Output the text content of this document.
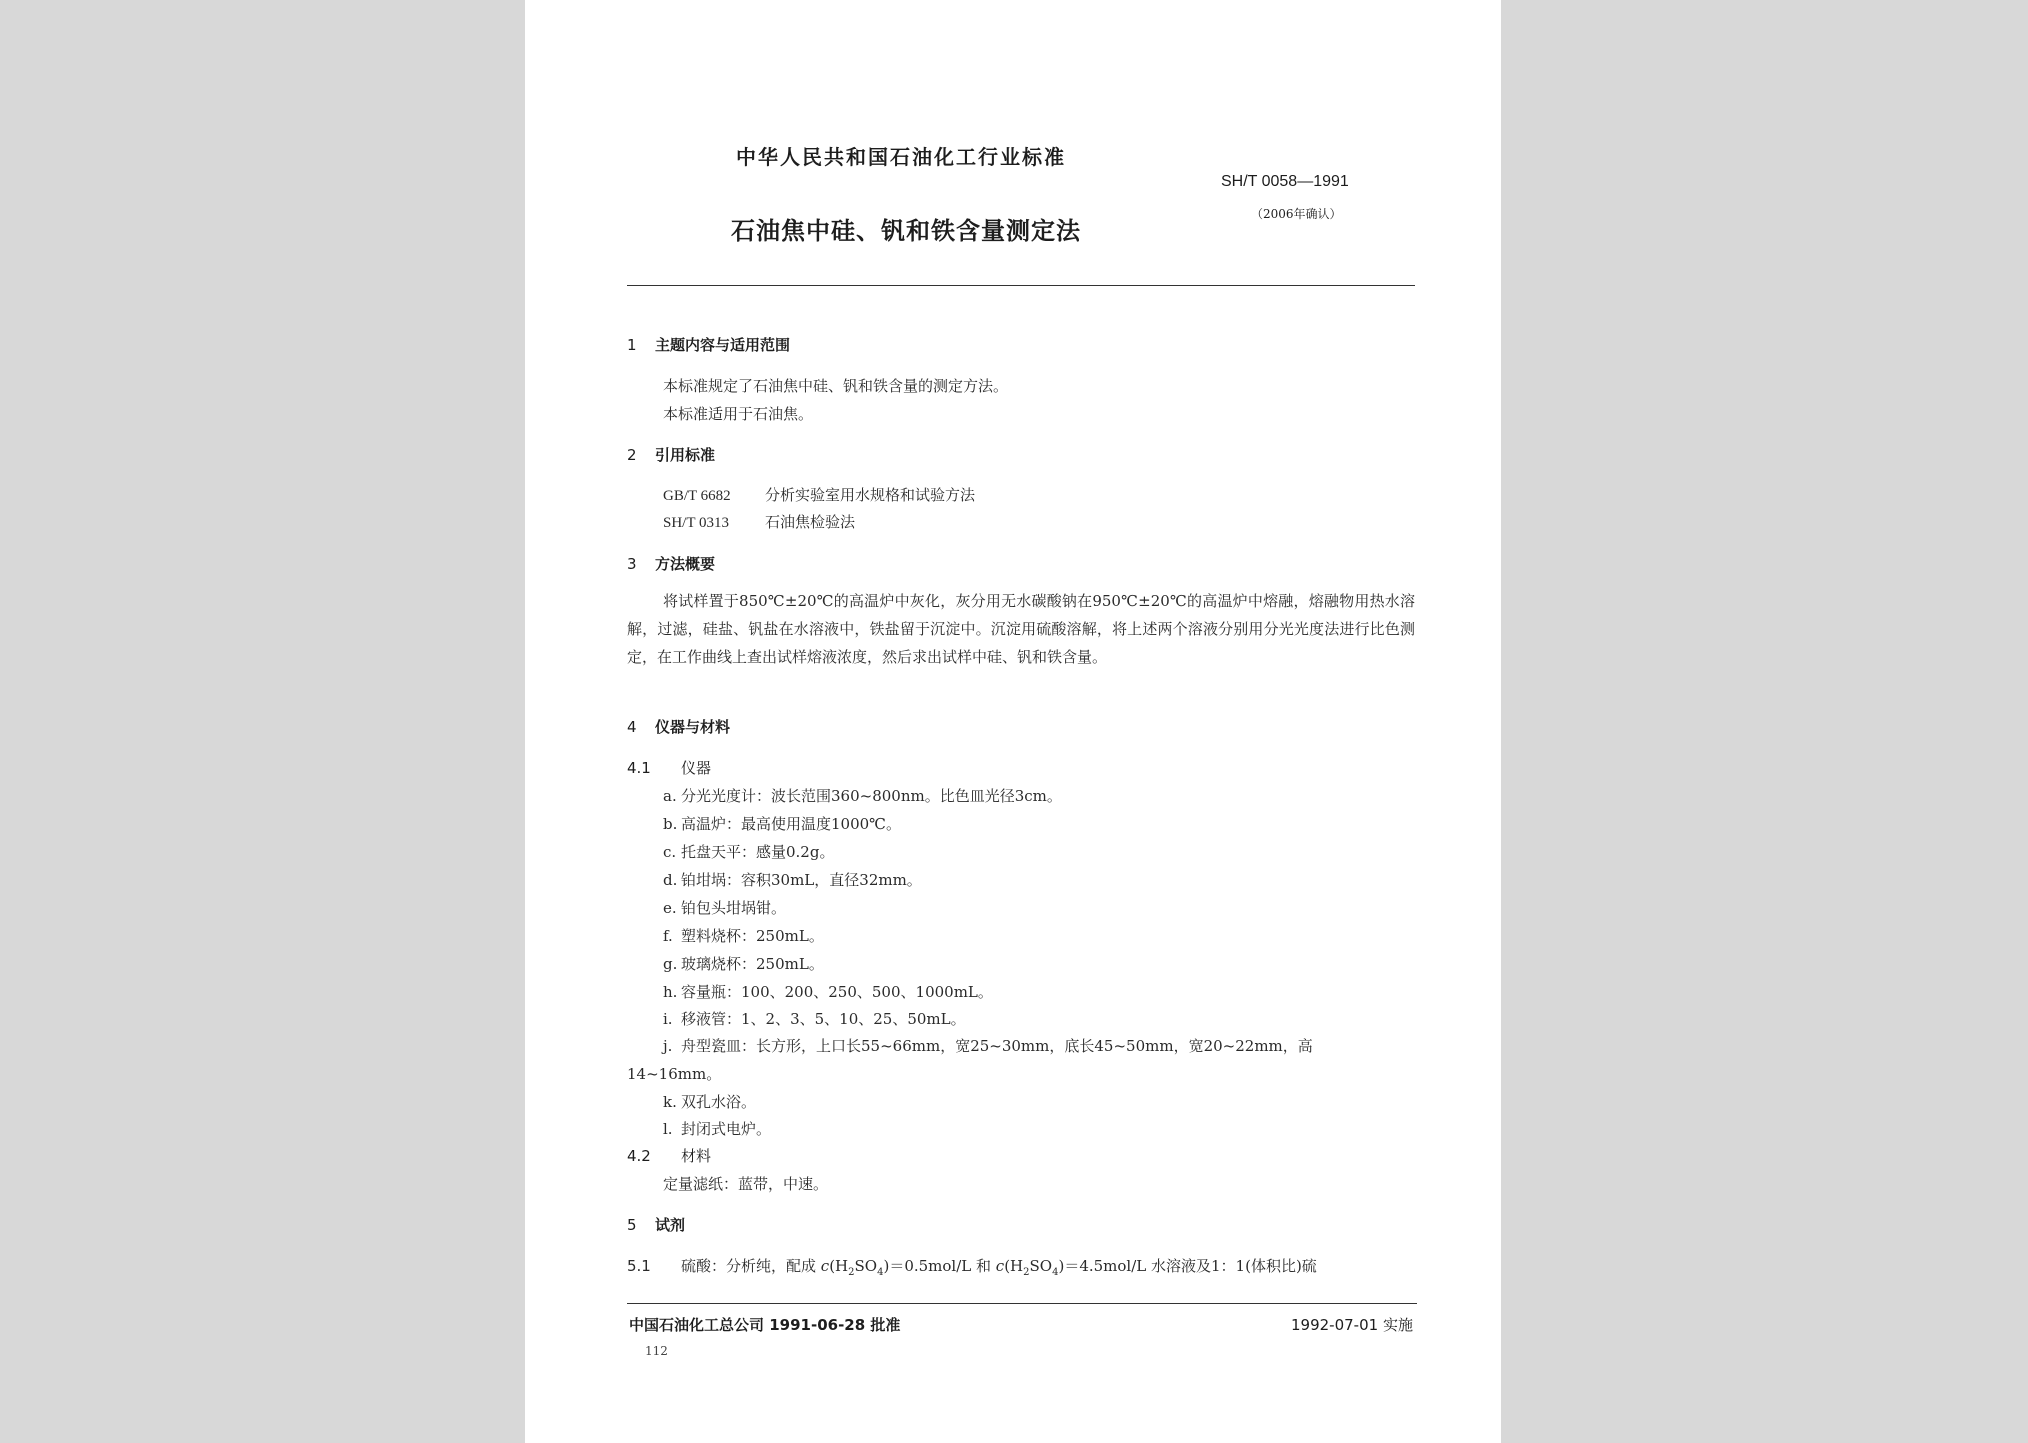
中华人民共和国石油化工行业标准
SH/T 0058—1991
（2006年确认）
石油焦中硅、钒和铁含量测定法
1 主题内容与适用范围
本标准规定了石油焦中硅、钒和铁含量的测定方法。
本标准适用于石油焦。
2 引用标准
GB/T 6682 分析实验室用水规格和试验方法
SH/T 0313 石油焦检验法
3 方法概要
将试样置于850℃±20℃的高温炉中灰化，灰分用无水碳酸钠在950℃±20℃的高温炉中熔融，熔融物用热水溶解，过滤，硅盐、钒盐在水溶液中，铁盐留于沉淀中。沉淀用硫酸溶解，将上述两个溶液分别用分光光度法进行比色测定，在工作曲线上查出试样熔液浓度，然后求出试样中硅、钒和铁含量。
4 仪器与材料
4.1 仪器
a. 分光光度计：波长范围360~800nm。比色皿光径3cm。
b. 高温炉：最高使用温度1000℃。
c. 托盘天平：感量0.2g。
d. 铂坩埚：容积30mL，直径32mm。
e. 铂包头坩埚钳。
f. 塑料烧杯：250mL。
g. 玻璃烧杯：250mL。
h. 容量瓶：100、200、250、500、1000mL。
i. 移液管：1、2、3、5、10、25、50mL。
j. 舟型瓷皿：长方形，上口长55~66mm，宽25~30mm，底长45~50mm，宽20~22mm，高
14~16mm。
k. 双孔水浴。
l. 封闭式电炉。
4.2 材料
定量滤纸：蓝带，中速。
5 试剂
5.1 硫酸：分析纯，配成 $c(H_2SO_4)=0.5mol/L$ 和 $c(H_2SO_4)=4.5mol/L$ 水溶液及1：1(体积比)硫
中国石油化工总公司 1991-06-28 批准	1992-07-01 实施
112
